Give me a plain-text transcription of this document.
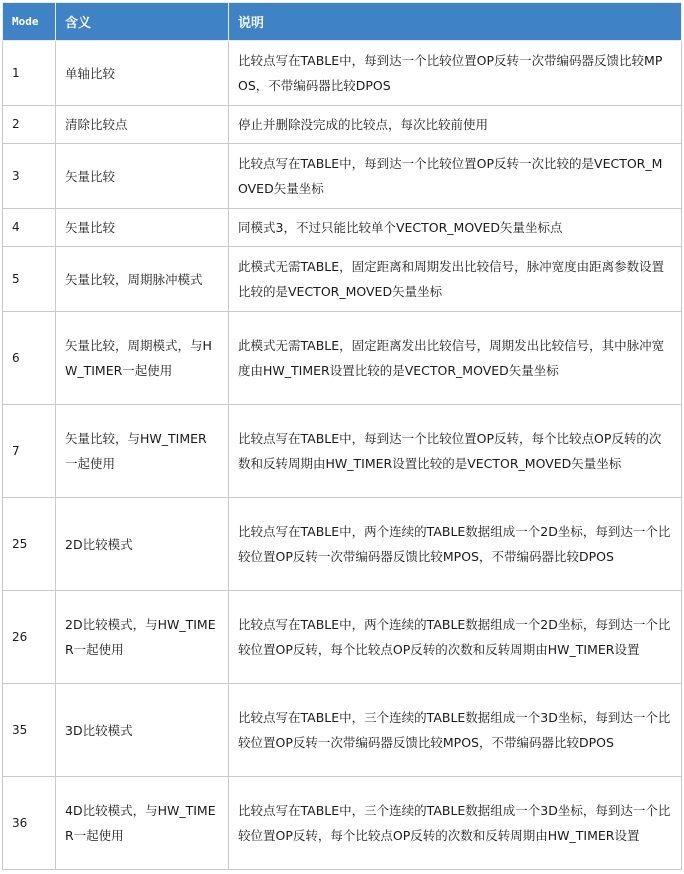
Mode	含义	说明
1	单轴比较	比较点写在TABLE中，每到达一个比较位置OP反转一次带编码器反馈比较MPOS，不带编码器比较DPOS
2	清除比较点	停止并删除没完成的比较点，每次比较前使用
3	矢量比较	比较点写在TABLE中，每到达一个比较位置OP反转一次比较的是VECTOR_MOVED矢量坐标
4	矢量比较	同模式3，不过只能比较单个VECTOR_MOVED矢量坐标点
5	矢量比较，周期脉冲模式	此模式无需TABLE，固定距离和周期发出比较信号，脉冲宽度由距离参数设置比较的是VECTOR_MOVED矢量坐标
6	矢量比较，周期模式，与HW_TIMER一起使用	此模式无需TABLE，固定距离发出比较信号，周期发出比较信号，其中脉冲宽度由HW_TIMER设置比较的是VECTOR_MOVED矢量坐标
7	矢量比较，与HW_TIMER一起使用	比较点写在TABLE中，每到达一个比较位置OP反转，每个比较点OP反转的次数和反转周期由HW_TIMER设置比较的是VECTOR_MOVED矢量坐标
25	2D比较模式	比较点写在TABLE中，两个连续的TABLE数据组成一个2D坐标，每到达一个比较位置OP反转一次带编码器反馈比较MPOS，不带编码器比较DPOS
26	2D比较模式，与HW_TIMER一起使用	比较点写在TABLE中，两个连续的TABLE数据组成一个2D坐标，每到达一个比较位置OP反转，每个比较点OP反转的次数和反转周期由HW_TIMER设置
35	3D比较模式	比较点写在TABLE中，三个连续的TABLE数据组成一个3D坐标，每到达一个比较位置OP反转一次带编码器反馈比较MPOS，不带编码器比较DPOS
36	4D比较模式，与HW_TIMER一起使用	比较点写在TABLE中，三个连续的TABLE数据组成一个3D坐标，每到达一个比较位置OP反转，每个比较点OP反转的次数和反转周期由HW_TIMER设置
